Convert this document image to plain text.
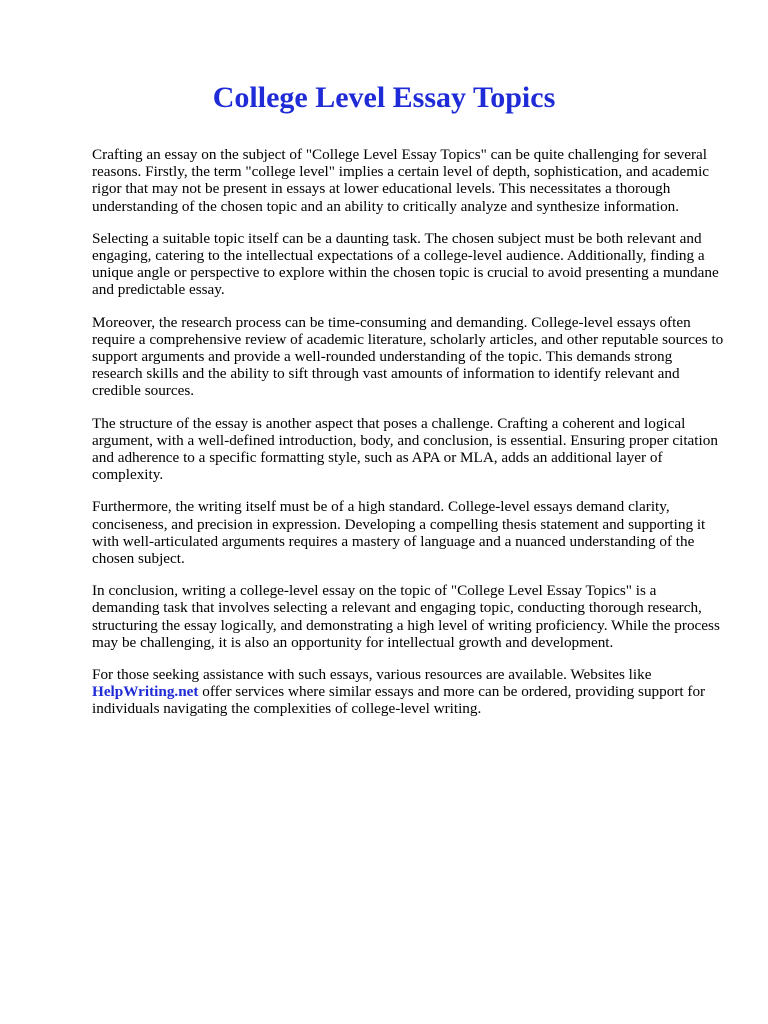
College Level Essay Topics

Crafting an essay on the subject of "College Level Essay Topics" can be quite challenging for several reasons. Firstly, the term "college level" implies a certain level of depth, sophistication, and academic rigor that may not be present in essays at lower educational levels. This necessitates a thorough understanding of the chosen topic and an ability to critically analyze and synthesize information.

Selecting a suitable topic itself can be a daunting task. The chosen subject must be both relevant and engaging, catering to the intellectual expectations of a college-level audience. Additionally, finding a unique angle or perspective to explore within the chosen topic is crucial to avoid presenting a mundane and predictable essay.

Moreover, the research process can be time-consuming and demanding. College-level essays often require a comprehensive review of academic literature, scholarly articles, and other reputable sources to support arguments and provide a well-rounded understanding of the topic. This demands strong research skills and the ability to sift through vast amounts of information to identify relevant and credible sources.

The structure of the essay is another aspect that poses a challenge. Crafting a coherent and logical argument, with a well-defined introduction, body, and conclusion, is essential. Ensuring proper citation and adherence to a specific formatting style, such as APA or MLA, adds an additional layer of complexity.

Furthermore, the writing itself must be of a high standard. College-level essays demand clarity, conciseness, and precision in expression. Developing a compelling thesis statement and supporting it with well-articulated arguments requires a mastery of language and a nuanced understanding of the chosen subject.

In conclusion, writing a college-level essay on the topic of "College Level Essay Topics" is a demanding task that involves selecting a relevant and engaging topic, conducting thorough research, structuring the essay logically, and demonstrating a high level of writing proficiency. While the process may be challenging, it is also an opportunity for intellectual growth and development.

For those seeking assistance with such essays, various resources are available. Websites like HelpWriting.net offer services where similar essays and more can be ordered, providing support for individuals navigating the complexities of college-level writing.
